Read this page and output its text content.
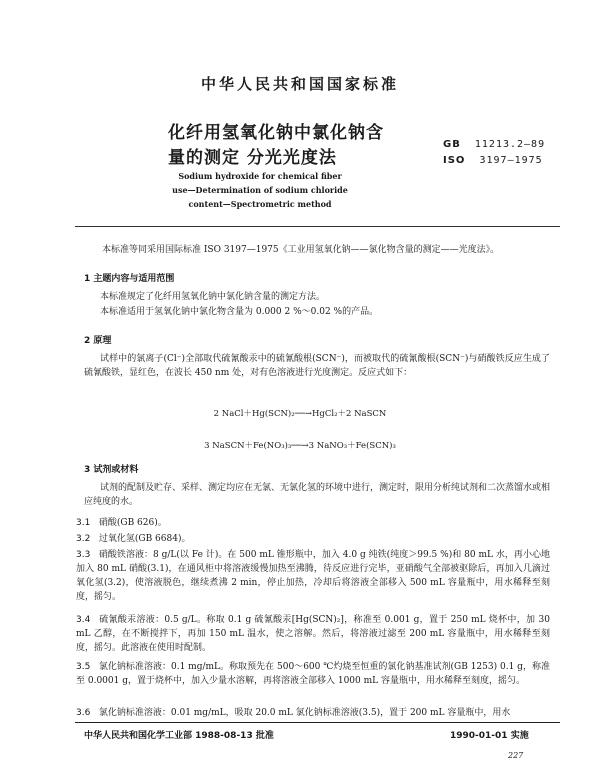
中华人民共和国国家标准
化纤用氢氧化钠中氯化钠含
量的测定 分光光度法
GB 11213.2—89
ISO 3197—1975
Sodium hydroxide for chemical fiber
use—Determination of sodium chloride
content—Spectrometric method

本标准等同采用国际标准 ISO 3197—1975《工业用氢氧化钠——氯化物含量的测定——光度法》。

1 主题内容与适用范围

本标准规定了化纤用氢氧化钠中氯化钠含量的测定方法。

本标准适用于氢氧化钠中氯化物含量为 0.000 2 %～0.02 %的产品。

2 原理

试样中的氯离子(Cl⁻)全部取代硫氰酸汞中的硫氰酸根(SCN⁻)，而被取代的硫氰酸根(SCN⁻)与硝酸铁反应生成了硫氰酸铁，显红色，在波长 450 nm 处，对有色溶液进行光度测定。反应式如下：

2 NaCl＋Hg(SCN)₂──→HgCl₂＋2 NaSCN
3 NaSCN＋Fe(NO₃)₃──→3 NaNO₃＋Fe(SCN)₃
3 试剂或材料

试剂的配制及贮存、采样、测定均应在无氯、无氯化氢的环境中进行，测定时，限用分析纯试剂和二次蒸馏水或相应纯度的水。

3.1 硝酸(GB 626)。
3.2 过氧化氢(GB 6684)。
3.3 硝酸铁溶液：8 g/L(以 Fe 计)。在 500 mL 锥形瓶中，加入 4.0 g 纯铁(纯度＞99.5 %)和 80 mL 水，再小心地加入 80 mL 硝酸(3.1)，在通风柜中将溶液缓慢加热至沸腾，待反应进行完毕，亚硝酸气全部被驱除后，再加入几滴过氧化氢(3.2)，使溶液脱色，继续煮沸 2 min，停止加热，冷却后将溶液全部移入 500 mL 容量瓶中，用水稀释至刻度，摇匀。
3.4 硫氰酸汞溶液：0.5 g/L。称取 0.1 g 硫氰酸汞[Hg(SCN)₂]，称准至 0.001 g，置于 250 mL 烧杯中，加 30 mL 乙醇，在不断搅拌下，再加 150 mL 温水，使之溶解。然后，将溶液过滤至 200 mL 容量瓶中，用水稀释至刻度，摇匀。此溶液在使用时配制。
3.5 氯化钠标准溶液：0.1 mg/mL。称取预先在 500～600 ℃灼烧至恒重的氯化钠基准试剂(GB 1253) 0.1 g，称准至 0.0001 g，置于烧杯中，加入少量水溶解，再将溶液全部移入 1000 mL 容量瓶中，用水稀释至刻度，摇匀。
3.6 氯化钠标准溶液：0.01 mg/mL，吸取 20.0 mL 氯化钠标准溶液(3.5)，置于 200 mL 容量瓶中，用水
中华人民共和国化学工业部 1988-08-13 批准	1990-01-01 实施
227
